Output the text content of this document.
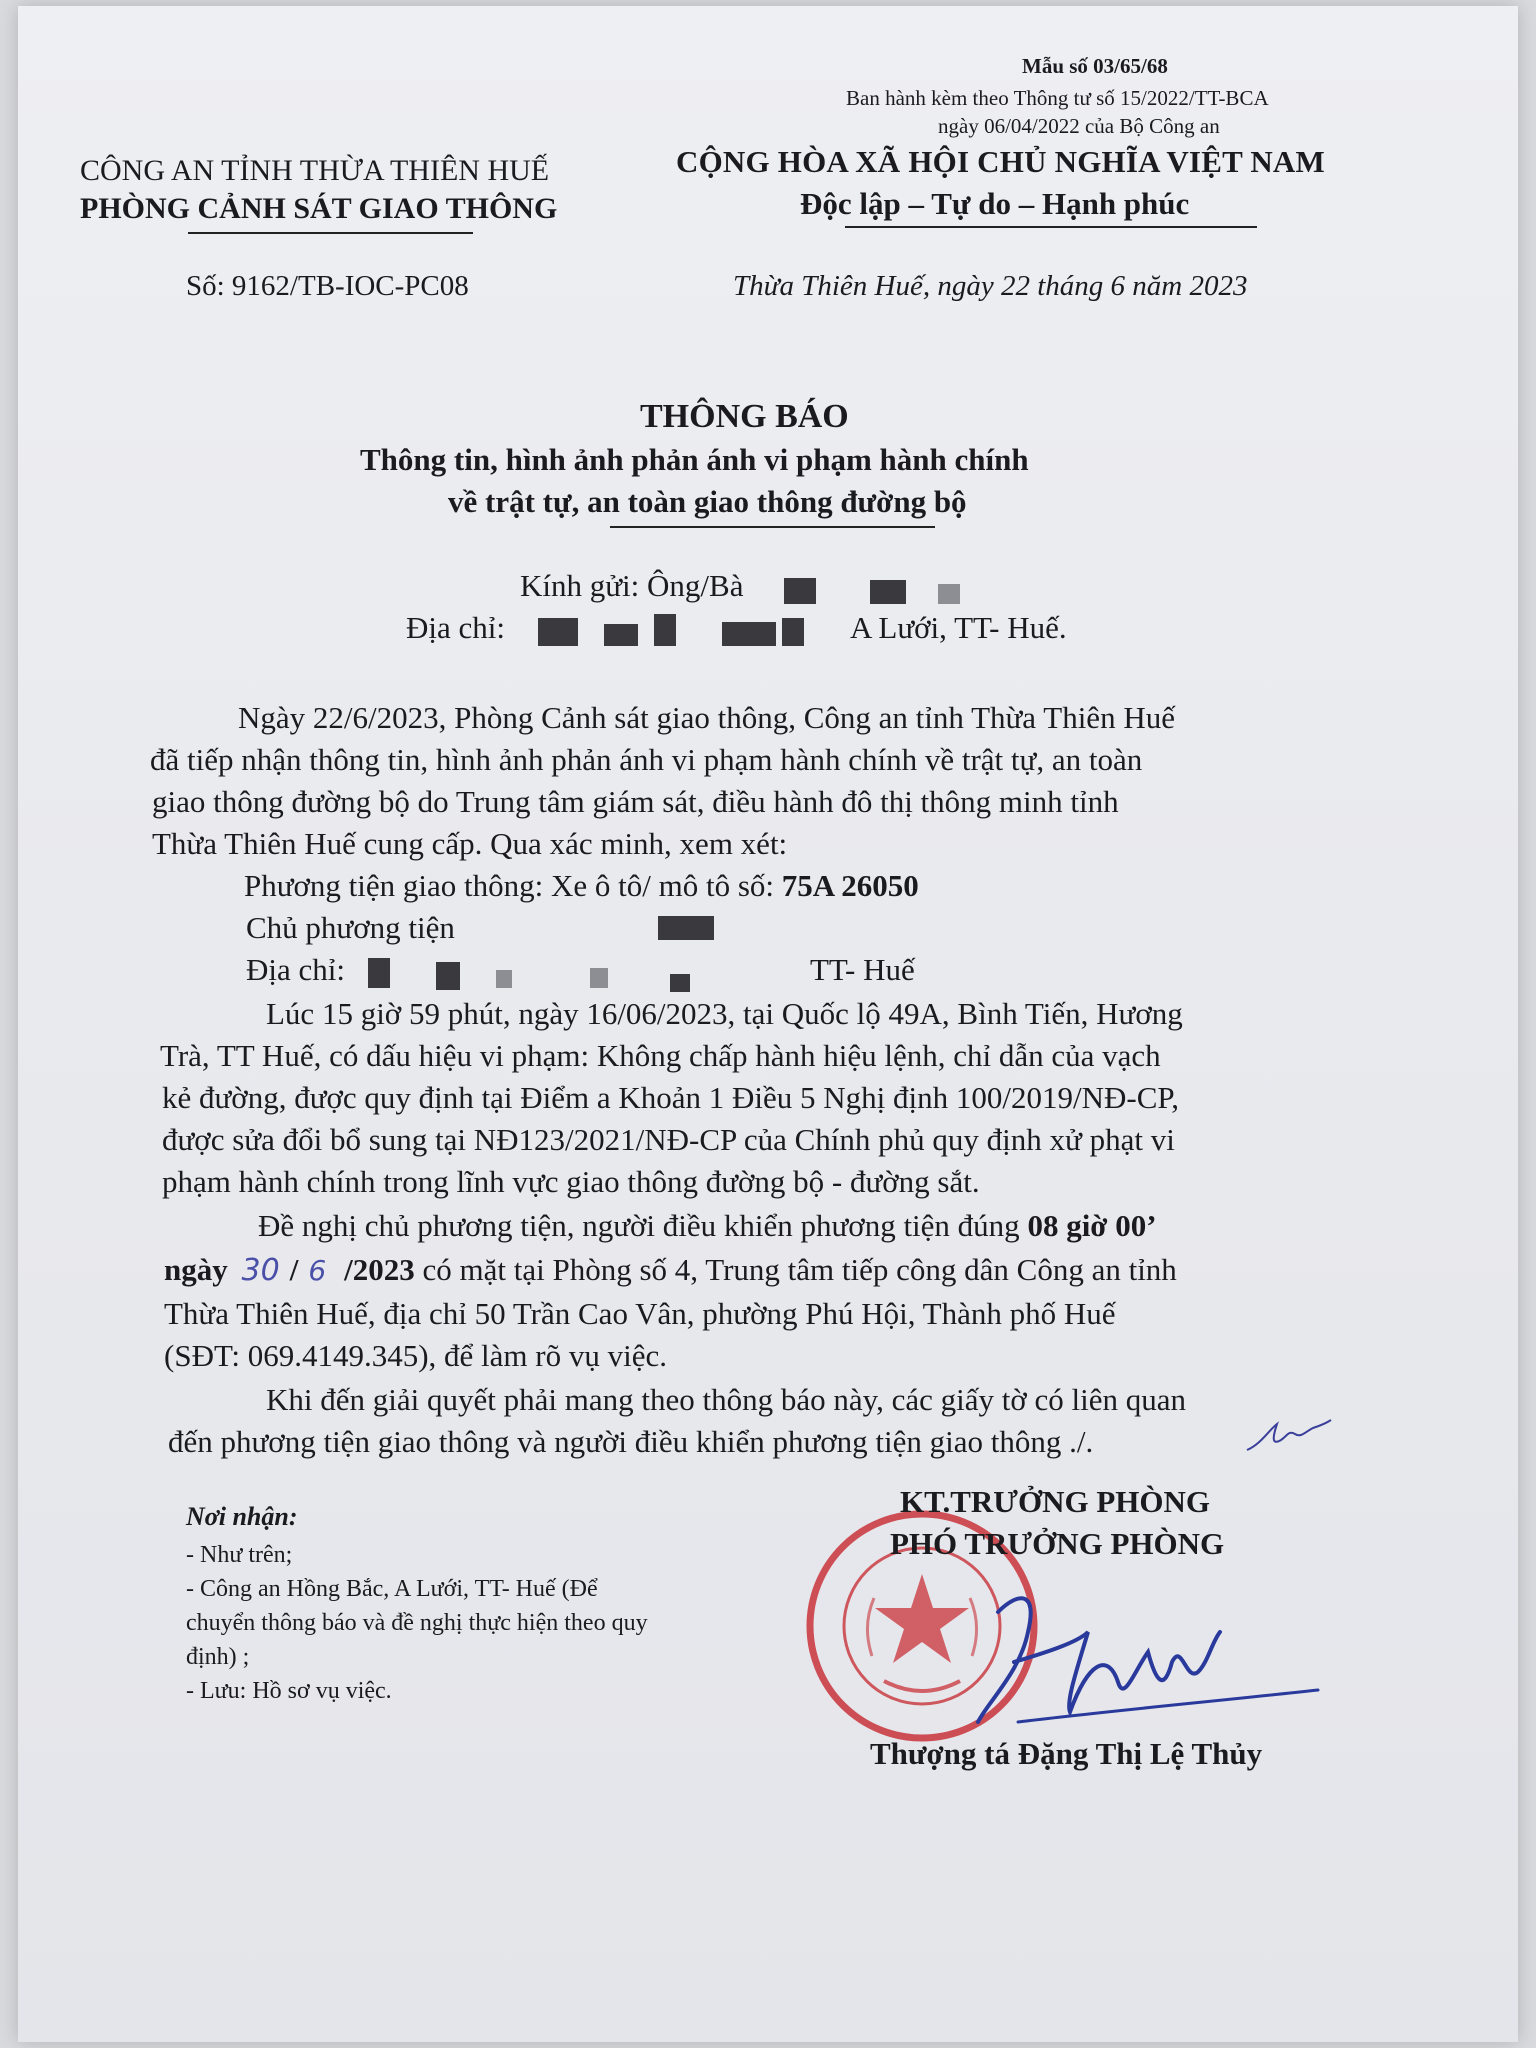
Mẫu số 03/65/68
Ban hành kèm theo Thông tư số 15/2022/TT-BCA
ngày 06/04/2022 của Bộ Công an
CÔNG AN TỈNH THỪA THIÊN HUẾ
PHÒNG CẢNH SÁT GIAO THÔNG
CỘNG HÒA XÃ HỘI CHỦ NGHĨA VIỆT NAM
Độc lập – Tự do – Hạnh phúc
Số: 9162/TB-IOC-PC08	Thừa Thiên Huế, ngày 22 tháng 6 năm 2023
THÔNG BÁO
Thông tin, hình ảnh phản ánh vi phạm hành chính
về trật tự, an toàn giao thông đường bộ
Kính gửi: Ông/Bà
Địa chỉ:	A Lưới, TT- Huế.
Ngày 22/6/2023, Phòng Cảnh sát giao thông, Công an tỉnh Thừa Thiên Huế
đã tiếp nhận thông tin, hình ảnh phản ánh vi phạm hành chính về trật tự, an toàn
giao thông đường bộ do Trung tâm giám sát, điều hành đô thị thông minh tỉnh
Thừa Thiên Huế cung cấp. Qua xác minh, xem xét:
Phương tiện giao thông: Xe ô tô/ mô tô số: 75A 26050
Chủ phương tiện
Địa chỉ:	TT- Huế
Lúc 15 giờ 59 phút, ngày 16/06/2023, tại Quốc lộ 49A, Bình Tiến, Hương
Trà, TT Huế, có dấu hiệu vi phạm: Không chấp hành hiệu lệnh, chỉ dẫn của vạch
kẻ đường, được quy định tại Điểm a Khoản 1 Điều 5 Nghị định 100/2019/NĐ-CP,
được sửa đổi bổ sung tại NĐ123/2021/NĐ-CP của Chính phủ quy định xử phạt vi
phạm hành chính trong lĩnh vực giao thông đường bộ - đường sắt.
Đề nghị chủ phương tiện, người điều khiển phương tiện đúng 08 giờ 00’
ngày 30 / 6 /2023 có mặt tại Phòng số 4, Trung tâm tiếp công dân Công an tỉnh
Thừa Thiên Huế, địa chỉ 50 Trần Cao Vân, phường Phú Hội, Thành phố Huế
(SĐT: 069.4149.345), để làm rõ vụ việc.
Khi đến giải quyết phải mang theo thông báo này, các giấy tờ có liên quan
đến phương tiện giao thông và người điều khiển phương tiện giao thông ./.
Nơi nhận:
- Như trên;
- Công an Hồng Bắc, A Lưới, TT- Huế (Để
chuyển thông báo và đề nghị thực hiện theo quy
định) ;
- Lưu: Hồ sơ vụ việc.
KT.TRƯỞNG PHÒNG
PHÓ TRƯỞNG PHÒNG
Thượng tá Đặng Thị Lệ Thủy
